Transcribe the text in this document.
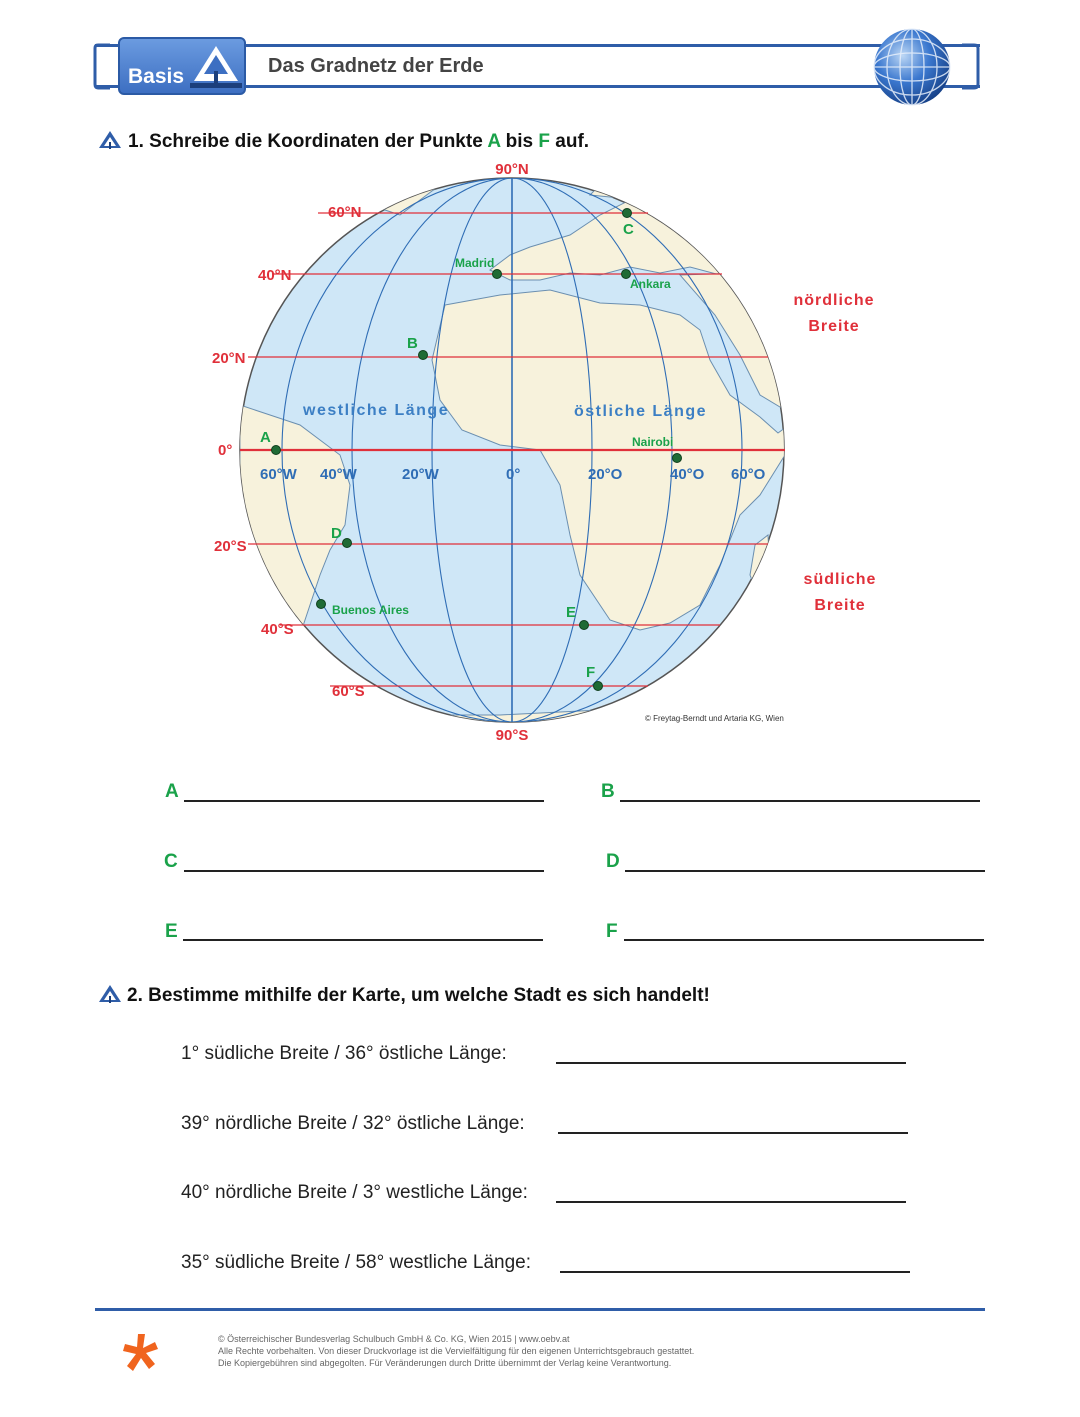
Basis	Das Gradnetz der Erde
1. Schreibe die Koordinaten der Punkte A bis F auf.
90°N
90°S
60°N
40°N
20°N
0°
20°S
40°S
60°S
60°W 40°W	20°W	0°	20°O	40°O 60°O
westliche Länge	östliche Länge
A
B
C
D
E
F
Madrid
Ankara
Nairobi
Buenos Aires
© Freytag-Berndt und Artaria KG, Wien
nördliche
Breite
südliche
Breite
A	B
C	D
E	F
2. Bestimme mithilfe der Karte, um welche Stadt es sich handelt!
1° südliche Breite / 36° östliche Länge:
39° nördliche Breite / 32° östliche Länge:
40° nördliche Breite / 3° westliche Länge:
35° südliche Breite / 58° westliche Länge:
© Österreichischer Bundesverlag Schulbuch GmbH & Co. KG, Wien 2015 | www.oebv.at
Alle Rechte vorbehalten. Von dieser Druckvorlage ist die Vervielfältigung für den eigenen Unterrichtsgebrauch gestattet.
Die Kopiergebühren sind abgegolten. Für Veränderungen durch Dritte übernimmt der Verlag keine Verantwortung.
